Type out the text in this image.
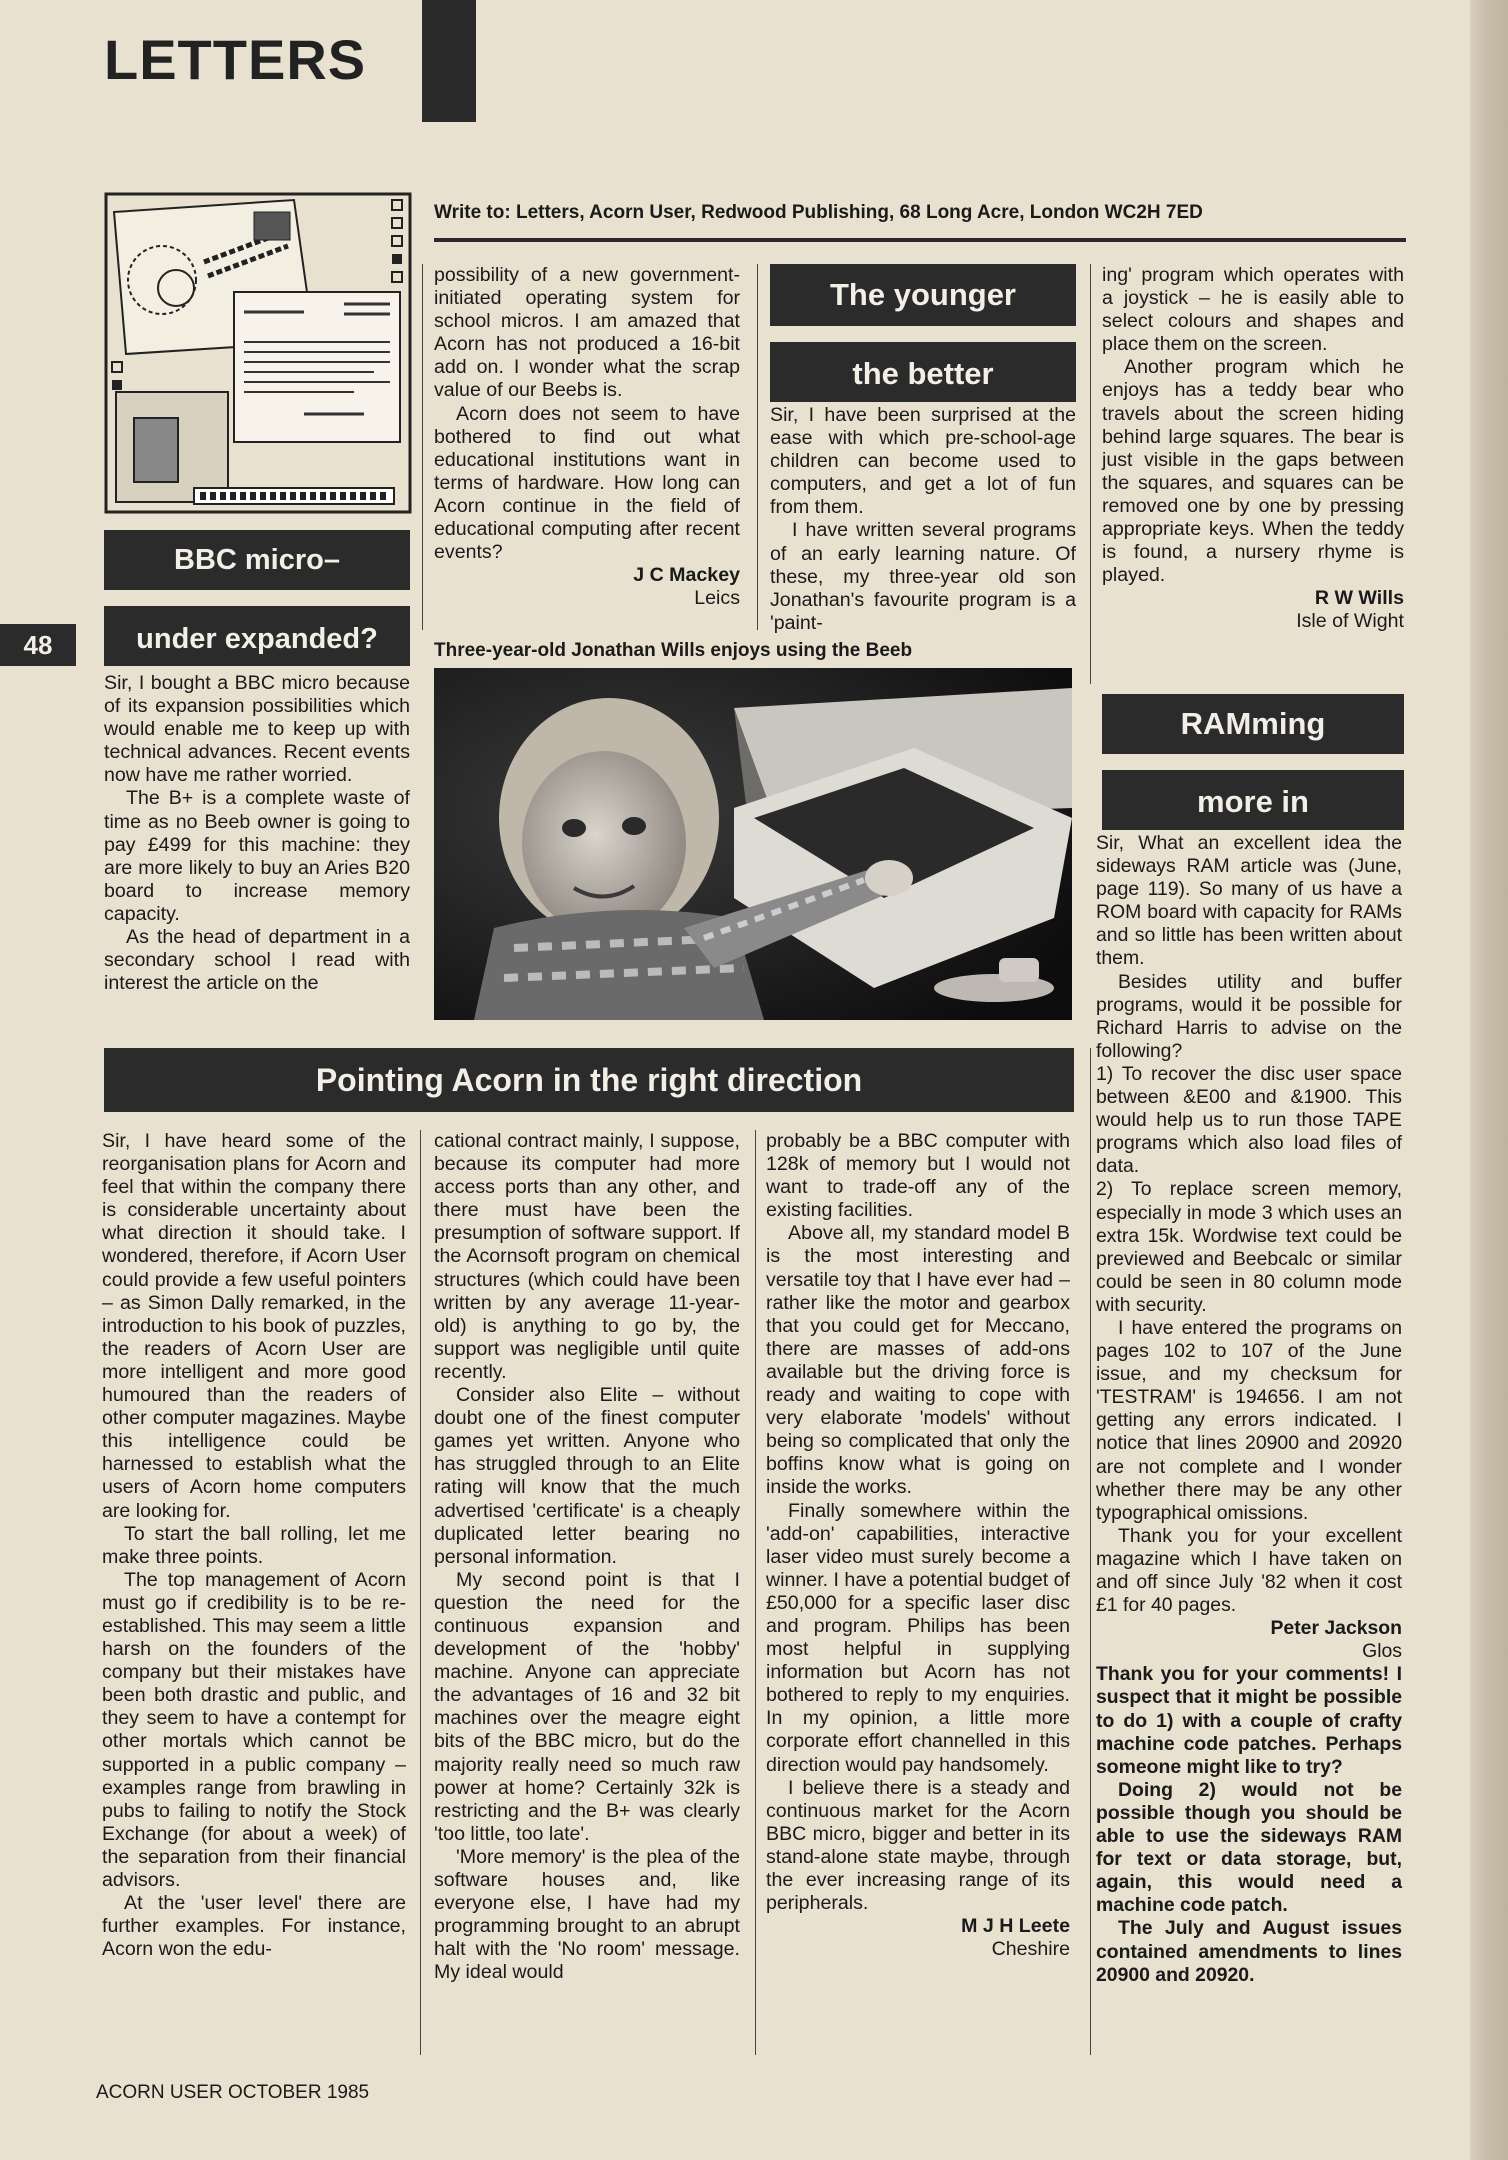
LETTERS
Write to: Letters, Acorn User, Redwood Publishing, 68 Long Acre, London WC2H 7ED
48
BBC micro–
under expanded?

Sir, I bought a BBC micro because of its expansion possibilities which would enable me to keep up with technical advances. Recent events now have me rather worried.

The B+ is a complete waste of time as no Beeb owner is going to pay £499 for this machine: they are more likely to buy an Aries B20 board to increase memory capacity.

As the head of department in a secondary school I read with interest the article on the

possibility of a new government-initiated operating system for school micros. I am amazed that Acorn has not produced a 16-bit add on. I wonder what the scrap value of our Beebs is.

Acorn does not seem to have bothered to find out what educational institutions want in terms of hardware. How long can Acorn continue in the field of educational computing after recent events?

J C Mackey
Leics
The younger
the better

Sir, I have been surprised at the ease with which pre-school-age children can become used to computers, and get a lot of fun from them.

I have written several programs of an early learning nature. Of these, my three-year old son Jonathan's favourite program is a 'paint-

ing' program which operates with a joystick – he is easily able to select colours and shapes and place them on the screen.

Another program which he enjoys has a teddy bear who travels about the screen hiding behind large squares. The bear is just visible in the gaps between the squares, and squares can be removed one by one by pressing appropriate keys. When the teddy is found, a nursery rhyme is played.

R W Wills
Isle of Wight
Three-year-old Jonathan Wills enjoys using the Beeb
RAMming
more in

Sir, What an excellent idea the sideways RAM article was (June, page 119). So many of us have a ROM board with capacity for RAMs and so little has been written about them.

Besides utility and buffer programs, would it be possible for Richard Harris to advise on the following?

1) To recover the disc user space between &E00 and &1900. This would help us to run those TAPE programs which also load files of data.

2) To replace screen memory, especially in mode 3 which uses an extra 15k. Wordwise text could be previewed and Beebcalc or similar could be seen in 80 column mode with security.

I have entered the programs on pages 102 to 107 of the June issue, and my checksum for 'TESTRAM' is 194656. I am not getting any errors indicated. I notice that lines 20900 and 20920 are not complete and I wonder whether there may be any other typographical omissions.

Thank you for your excellent magazine which I have taken on and off since July '82 when it cost £1 for 40 pages.

Peter Jackson
Glos

Thank you for your comments! I suspect that it might be possible to do 1) with a couple of crafty machine code patches. Perhaps someone might like to try?

Doing 2) would not be possible though you should be able to use the sideways RAM for text or data storage, but, again, this would need a machine code patch.

The July and August issues contained amendments to lines 20900 and 20920.

Pointing Acorn in the right direction

Sir, I have heard some of the reorganisation plans for Acorn and feel that within the company there is considerable uncertainty about what direction it should take. I wondered, therefore, if Acorn User could provide a few useful pointers – as Simon Dally remarked, in the introduction to his book of puzzles, the readers of Acorn User are more intelligent and more good humoured than the readers of other computer magazines. Maybe this intelligence could be harnessed to establish what the users of Acorn home computers are looking for.

To start the ball rolling, let me make three points.

The top management of Acorn must go if credibility is to be re-established. This may seem a little harsh on the founders of the company but their mistakes have been both drastic and public, and they seem to have a contempt for other mortals which cannot be supported in a public company – examples range from brawling in pubs to failing to notify the Stock Exchange (for about a week) of the separation from their financial advisors.

At the 'user level' there are further examples. For instance, Acorn won the edu-

cational contract mainly, I suppose, because its computer had more access ports than any other, and there must have been the presumption of software support. If the Acornsoft program on chemical structures (which could have been written by any average 11-year-old) is anything to go by, the support was negligible until quite recently.

Consider also Elite – without doubt one of the finest computer games yet written. Anyone who has struggled through to an Elite rating will know that the much advertised 'certificate' is a cheaply duplicated letter bearing no personal information.

My second point is that I question the need for the continuous expansion and development of the 'hobby' machine. Anyone can appreciate the advantages of 16 and 32 bit machines over the meagre eight bits of the BBC micro, but do the majority really need so much raw power at home? Certainly 32k is restricting and the B+ was clearly 'too little, too late'.

'More memory' is the plea of the software houses and, like everyone else, I have had my programming brought to an abrupt halt with the 'No room' message. My ideal would

probably be a BBC computer with 128k of memory but I would not want to trade-off any of the existing facilities.

Above all, my standard model B is the most interesting and versatile toy that I have ever had – rather like the motor and gearbox that you could get for Meccano, there are masses of add-ons available but the driving force is ready and waiting to cope with very elaborate 'models' without being so complicated that only the boffins know what is going on inside the works.

Finally somewhere within the 'add-on' capabilities, interactive laser video must surely become a winner. I have a potential budget of £50,000 for a specific laser disc and program. Philips has been most helpful in supplying information but Acorn has not bothered to reply to my enquiries. In my opinion, a little more corporate effort channelled in this direction would pay handsomely.

I believe there is a steady and continuous market for the Acorn BBC micro, bigger and better in its stand-alone state maybe, through the ever increasing range of its peripherals.

M J H Leete
Cheshire
ACORN USER OCTOBER 1985
